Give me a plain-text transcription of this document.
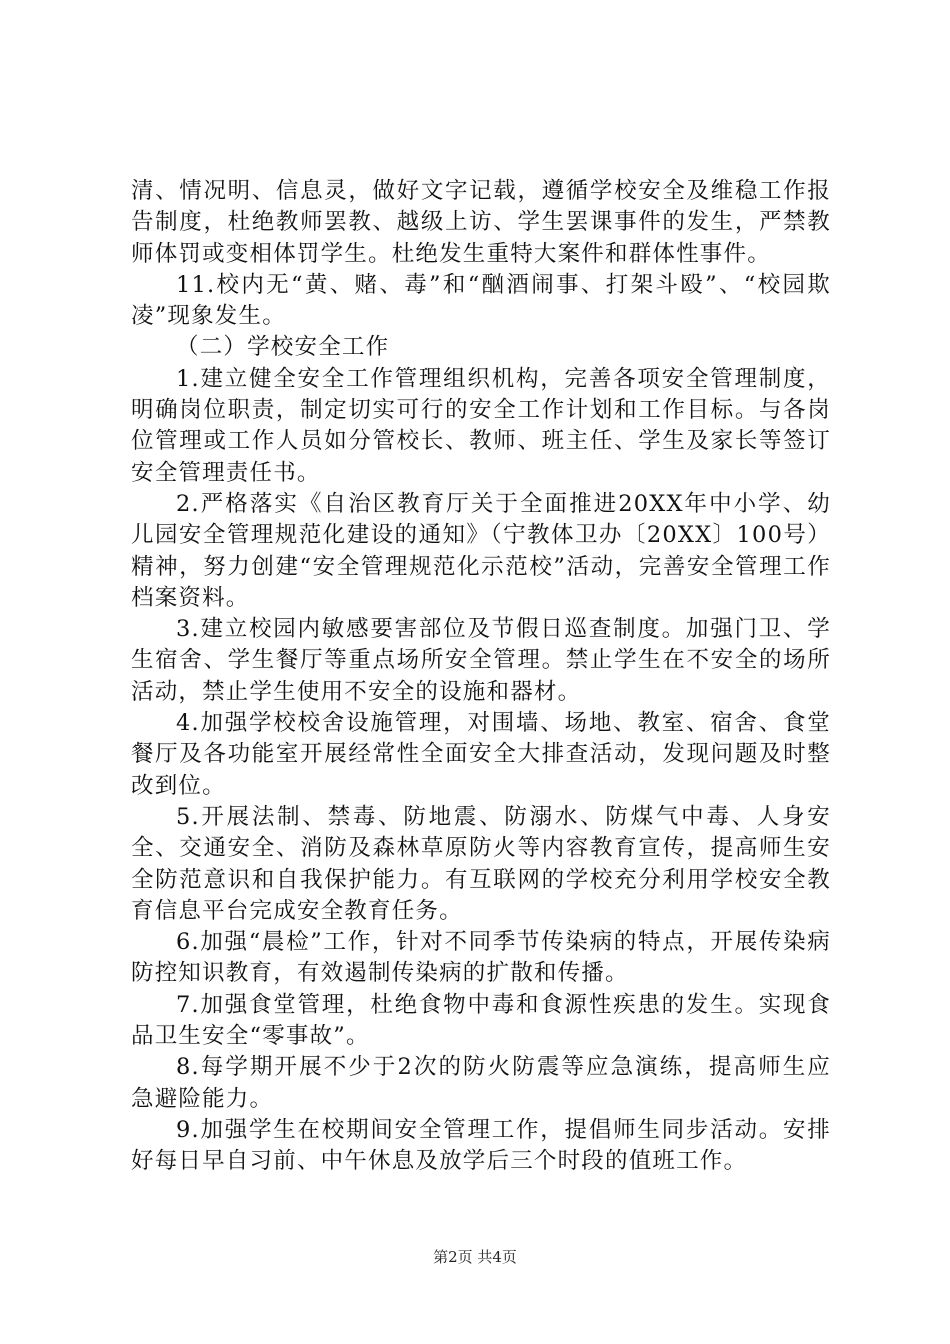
清、情况明、信息灵，做好文字记载，遵循学校安全及维稳工作报告制度，杜绝教师罢教、越级上访、学生罢课事件的发生，严禁教师体罚或变相体罚学生。杜绝发生重特大案件和群体性事件。

11.校内无“黄、赌、毒”和“酗酒闹事、打架斗殴”、“校园欺凌”现象发生。

（二）学校安全工作

1.建立健全安全工作管理组织机构，完善各项安全管理制度，明确岗位职责，制定切实可行的安全工作计划和工作目标。与各岗位管理或工作人员如分管校长、教师、班主任、学生及家长等签订安全管理责任书。

2.严格落实《自治区教育厅关于全面推进20XX年中小学、幼儿园安全管理规范化建设的通知》（宁教体卫办〔20XX〕100号）精神，努力创建“安全管理规范化示范校”活动，完善安全管理工作档案资料。

3.建立校园内敏感要害部位及节假日巡查制度。加强门卫、学生宿舍、学生餐厅等重点场所安全管理。禁止学生在不安全的场所活动，禁止学生使用不安全的设施和器材。

4.加强学校校舍设施管理，对围墙、场地、教室、宿舍、食堂餐厅及各功能室开展经常性全面安全大排查活动，发现问题及时整改到位。

5.开展法制、禁毒、防地震、防溺水、防煤气中毒、人身安全、交通安全、消防及森林草原防火等内容教育宣传，提高师生安全防范意识和自我保护能力。有互联网的学校充分利用学校安全教育信息平台完成安全教育任务。

6.加强“晨检”工作，针对不同季节传染病的特点，开展传染病防控知识教育，有效遏制传染病的扩散和传播。

7.加强食堂管理，杜绝食物中毒和食源性疾患的发生。实现食品卫生安全“零事故”。

8.每学期开展不少于2次的防火防震等应急演练，提高师生应急避险能力。

9.加强学生在校期间安全管理工作，提倡师生同步活动。安排好每日早自习前、中午休息及放学后三个时段的值班工作。

第2页 共4页
